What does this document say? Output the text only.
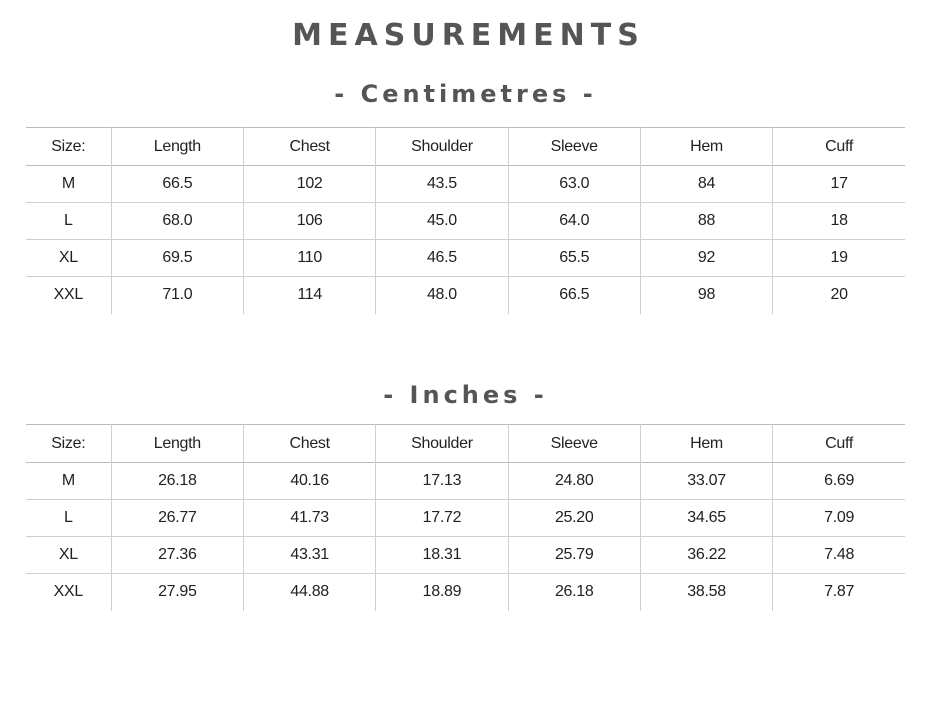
MEASUREMENTS
- Centimetres -
Size:	Length	Chest	Shoulder	Sleeve	Hem	Cuff
M	66.5	102	43.5	63.0	84	17
L	68.0	106	45.0	64.0	88	18
XL	69.5	110	46.5	65.5	92	19
XXL	71.0	114	48.0	66.5	98	20
- Inches -
Size:	Length	Chest	Shoulder	Sleeve	Hem	Cuff
M	26.18	40.16	17.13	24.80	33.07	6.69
L	26.77	41.73	17.72	25.20	34.65	7.09
XL	27.36	43.31	18.31	25.79	36.22	7.48
XXL	27.95	44.88	18.89	26.18	38.58	7.87
